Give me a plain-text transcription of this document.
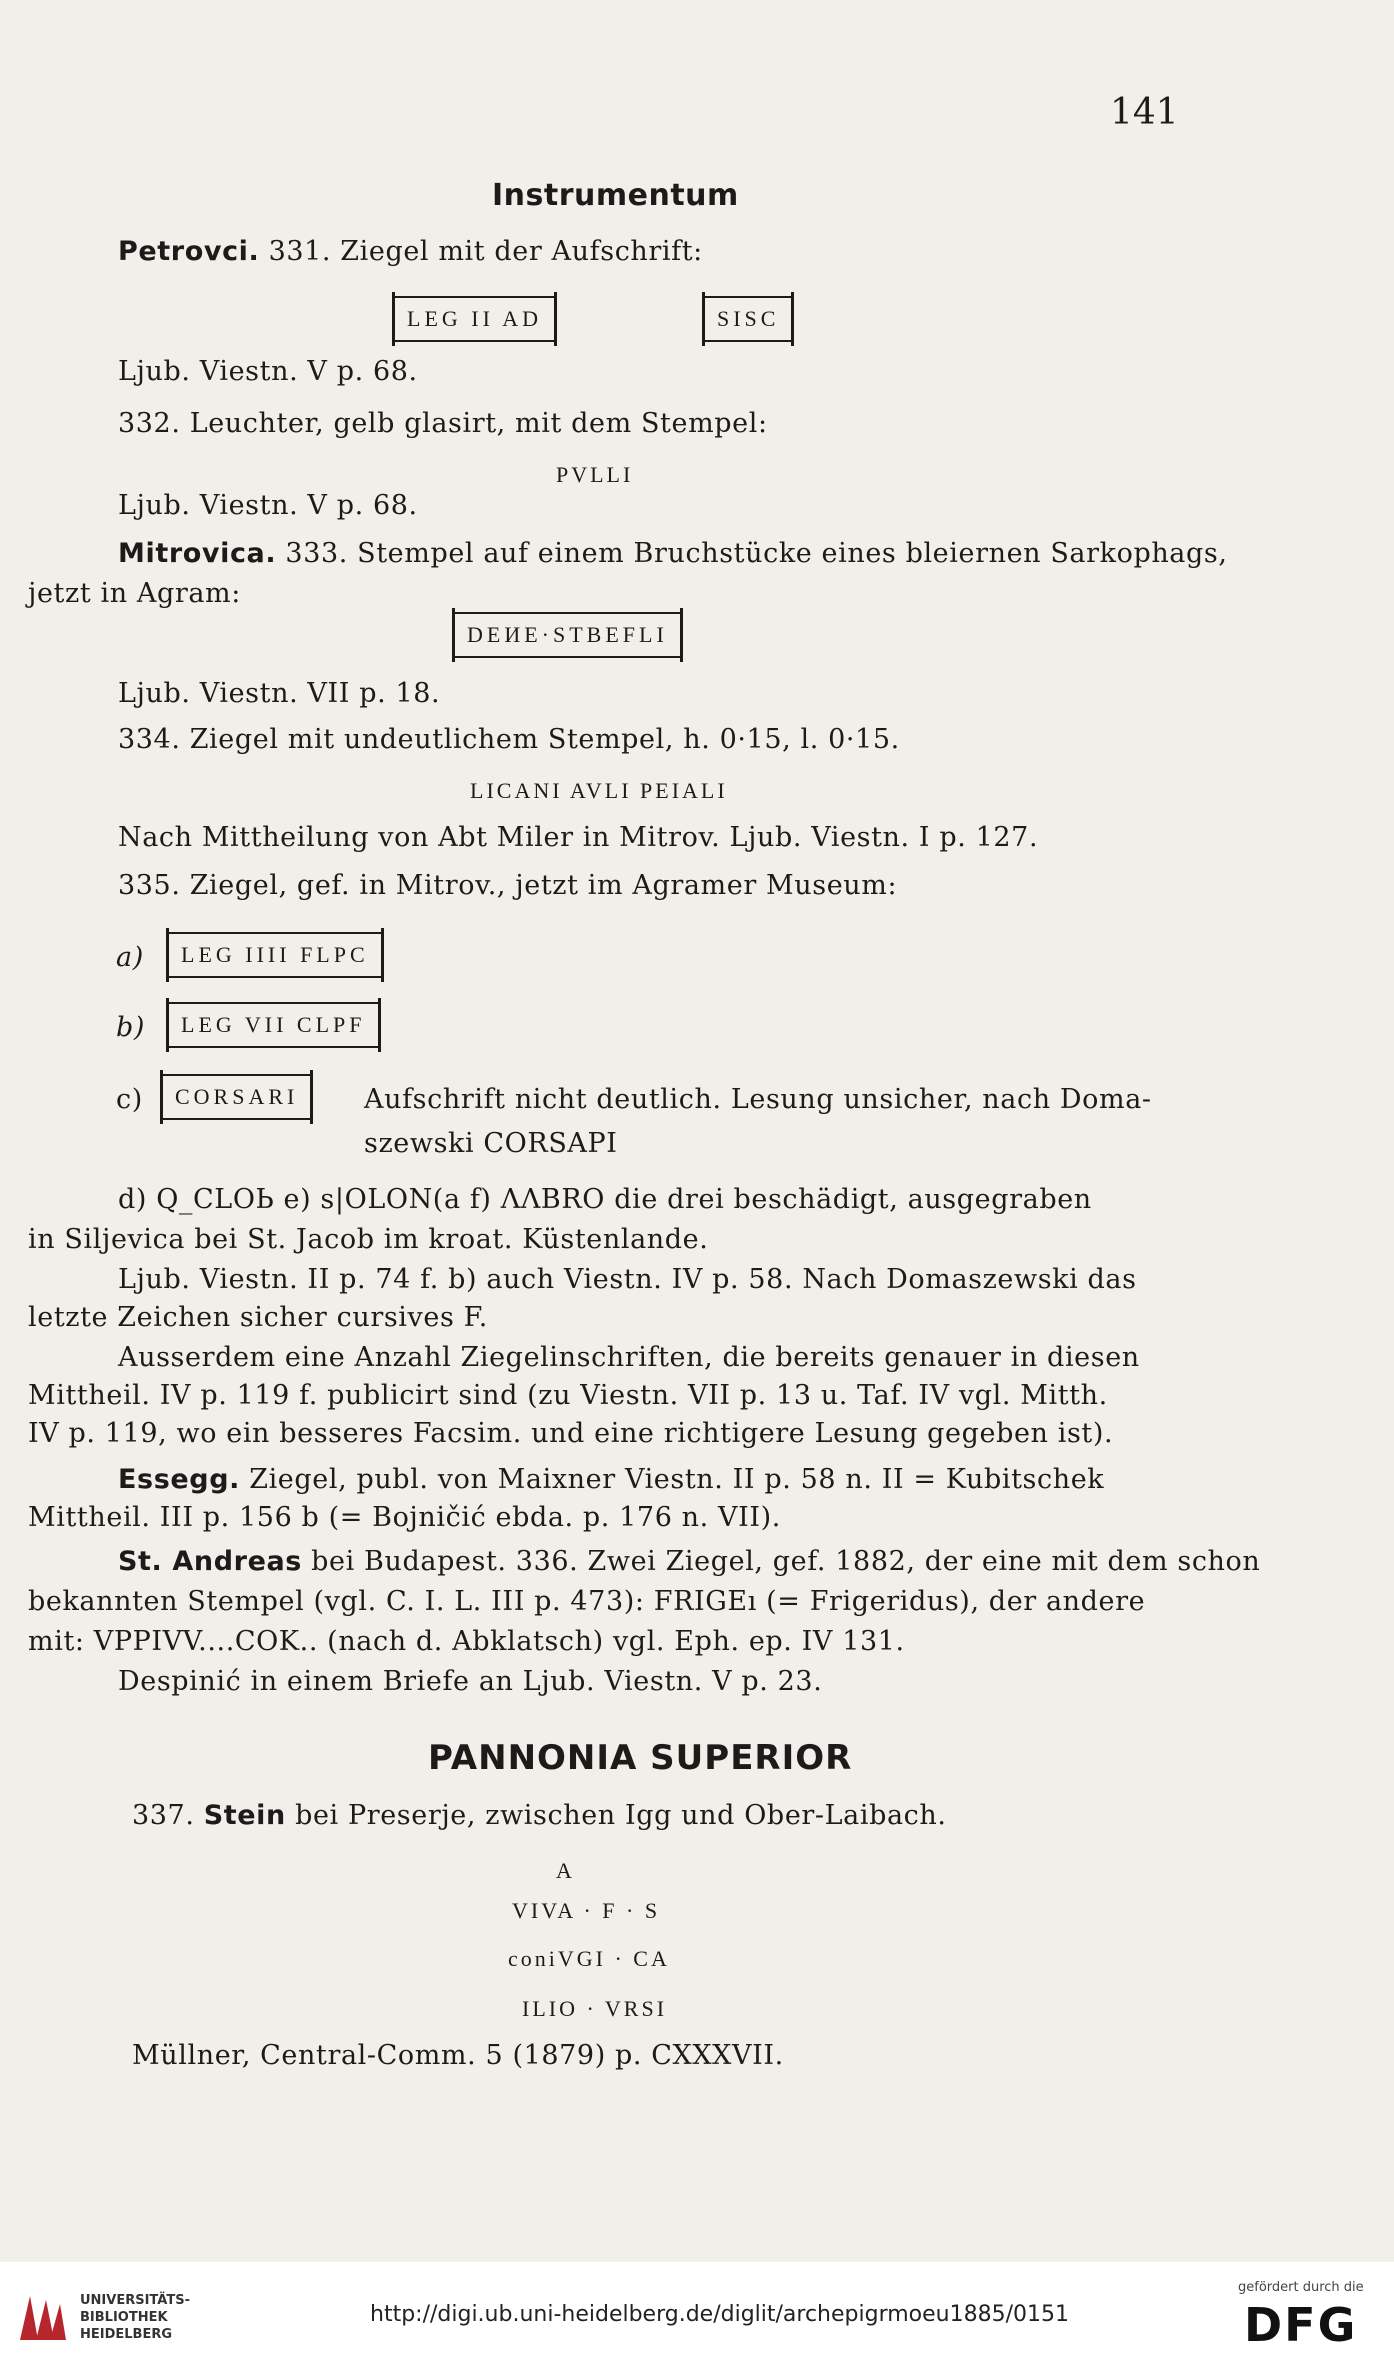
141
Instrumentum
Petrovci. 331. Ziegel mit der Aufschrift:
LEG II AD	SISC
Ljub. Viestn. V p. 68.
332. Leuchter, gelb glasirt, mit dem Stempel:
PVLLI
Ljub. Viestn. V p. 68.
Mitrovica. 333. Stempel auf einem Bruchstücke eines bleiernen Sarkophags,
jetzt in Agram:
DEИE·STBEFLI
Ljub. Viestn. VII p. 18.
334. Ziegel mit undeutlichem Stempel, h. 0·15, l. 0·15.
LICANI AVLI PEIALI
Nach Mittheilung von Abt Miler in Mitrov. Ljub. Viestn. I p. 127.
335. Ziegel, gef. in Mitrov., jetzt im Agramer Museum:
a)	LEG IIII FLPC
b)	LEG VII CLPF
c)	CORSARI	Aufschrift nicht deutlich. Lesung unsicher, nach Doma-
szewski CORSAPI
d) Q_CLOЬ e) s|OLON(a f) ΛΛBRO die drei beschädigt, ausgegraben
in Siljevica bei St. Jacob im kroat. Küstenlande.
Ljub. Viestn. II p. 74 f. b) auch Viestn. IV p. 58. Nach Domaszewski das
letzte Zeichen sicher cursives F.
Ausserdem eine Anzahl Ziegelinschriften, die bereits genauer in diesen
Mittheil. IV p. 119 f. publicirt sind (zu Viestn. VII p. 13 u. Taf. IV vgl. Mitth.
IV p. 119, wo ein besseres Facsim. und eine richtigere Lesung gegeben ist).
Essegg. Ziegel, publ. von Maixner Viestn. II p. 58 n. II = Kubitschek
Mittheil. III p. 156 b (= Bojničić ebda. p. 176 n. VII).
St. Andreas bei Budapest. 336. Zwei Ziegel, gef. 1882, der eine mit dem schon
bekannten Stempel (vgl. C. I. L. III p. 473): FRIGEı (= Frigeridus), der andere
mit: VPPIVV....COK.. (nach d. Abklatsch) vgl. Eph. ep. IV 131.
Despinić in einem Briefe an Ljub. Viestn. V p. 23.
PANNONIA SUPERIOR
337. Stein bei Preserje, zwischen Igg und Ober-Laibach.
A
VIVA · F · S
coniVGI · CA
ILIO · VRSI
Müllner, Central-Comm. 5 (1879) p. CXXXVII.
UNIVERSITÄTS-
BIBLIOTHEK
HEIDELBERG
http://digi.ub.uni-heidelberg.de/diglit/archepigrmoeu1885/0151
gefördert durch die
DFG
